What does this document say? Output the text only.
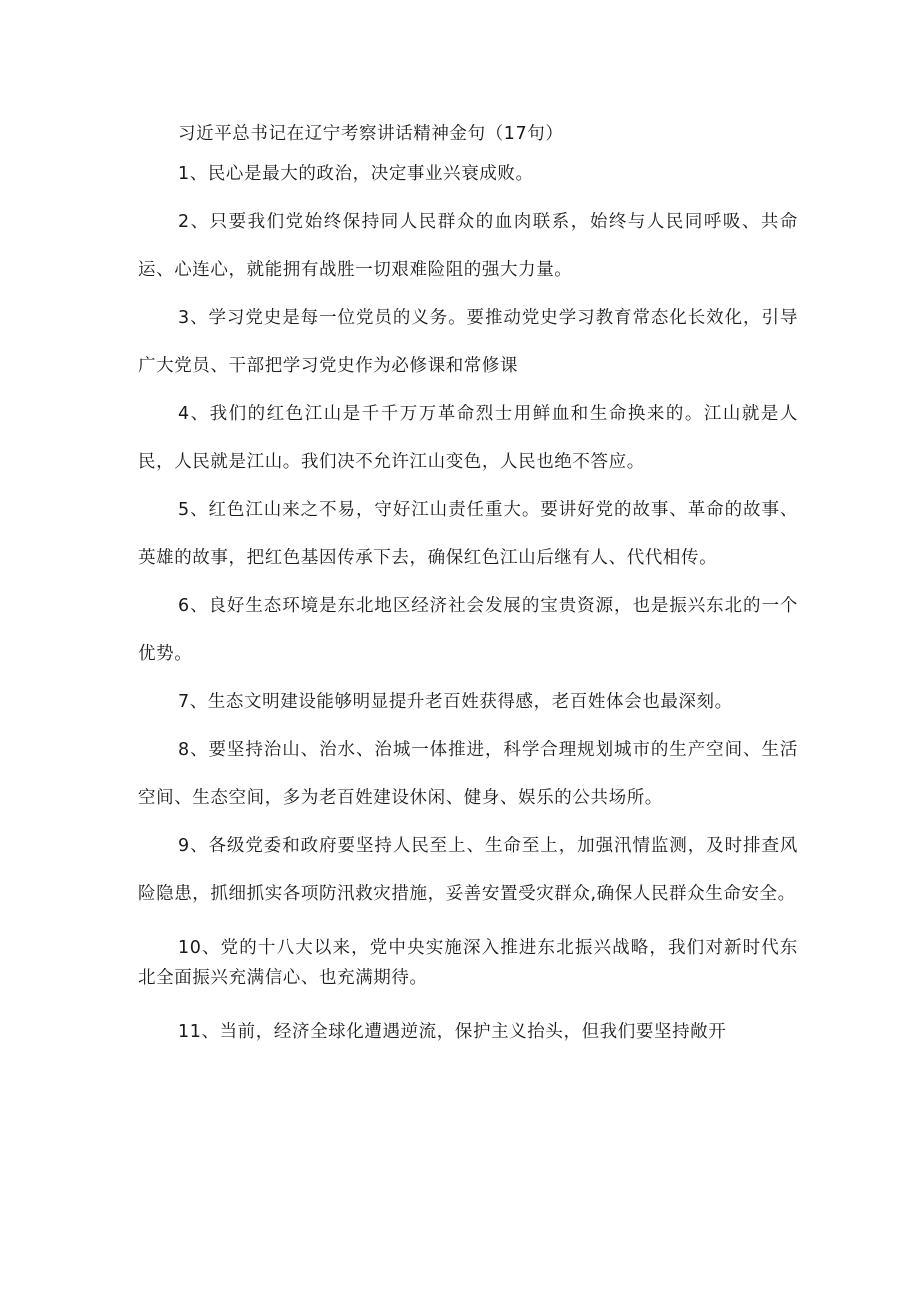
习近平总书记在辽宁考察讲话精神金句（17句）

1、民心是最大的政治，决定事业兴衰成败。

2、只要我们党始终保持同人民群众的血肉联系，始终与人民同呼吸、共命运、心连心，就能拥有战胜一切艰难险阻的强大力量。

3、学习党史是每一位党员的义务。要推动党史学习教育常态化长效化，引导广大党员、干部把学习党史作为必修课和常修课

4、我们的红色江山是千千万万革命烈士用鲜血和生命换来的。江山就是人民，人民就是江山。我们决不允许江山变色，人民也绝不答应。

5、红色江山来之不易，守好江山责任重大。要讲好党的故事、革命的故事、英雄的故事，把红色基因传承下去，确保红色江山后继有人、代代相传。

6、良好生态环境是东北地区经济社会发展的宝贵资源，也是振兴东北的一个优势。

7、生态文明建设能够明显提升老百姓获得感，老百姓体会也最深刻。

8、要坚持治山、治水、治城一体推进，科学合理规划城市的生产空间、生活空间、生态空间，多为老百姓建设休闲、健身、娱乐的公共场所。

9、各级党委和政府要坚持人民至上、生命至上，加强汛情监测，及时排查风险隐患，抓细抓实各项防汛救灾措施，妥善安置受灾群众,确保人民群众生命安全。

10、党的十八大以来，党中央实施深入推进东北振兴战略，我们对新时代东北全面振兴充满信心、也充满期待。

11、当前，经济全球化遭遇逆流，保护主义抬头，但我们要坚持敞开
